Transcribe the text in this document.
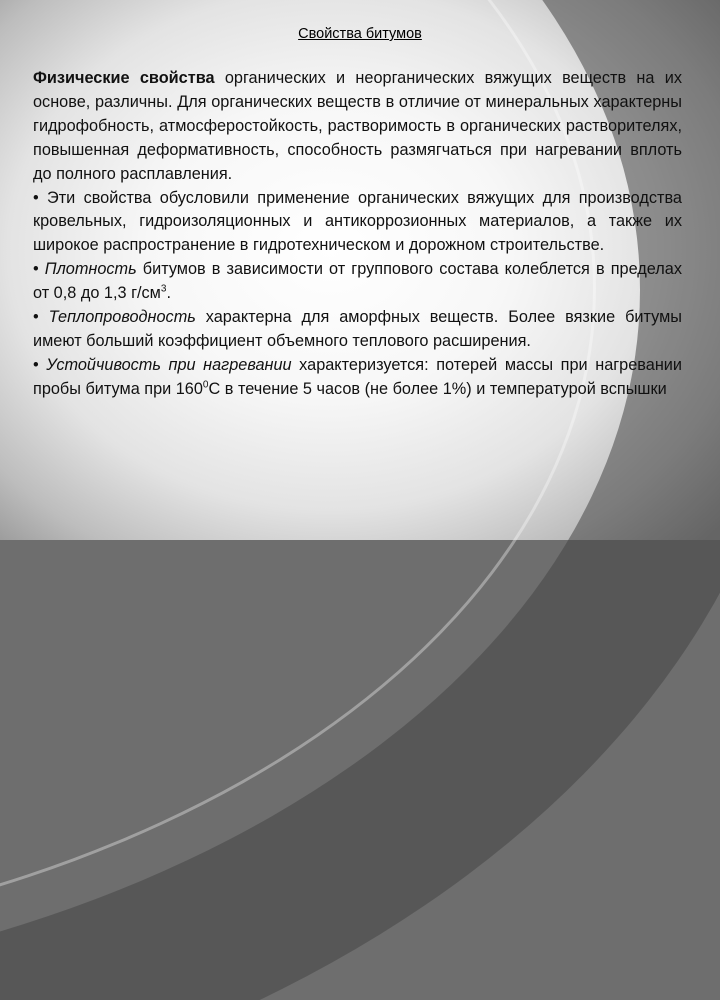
Свойства битумов

Физические свойства органических и неорганических вяжущих веществ на их основе, различны. Для органических веществ в отличие от минеральных характерны гидрофобность, атмосферостойкость, растворимость в органических растворителях, повышенная деформативность, способность размягчаться при нагревании вплоть до полного расплавления.

• Эти свойства обусловили применение органических вяжущих для производства кровельных, гидроизоляционных и антикоррозионных материалов, а также их широкое распространение в гидротехническом и дорожном строительстве.

• Плотность битумов в зависимости от группового состава колеблется в пределах от 0,8 до 1,3 $г/см^3$.

• Теплопроводность характерна для аморфных веществ. Более вязкие битумы имеют больший коэффициент объемного теплового расширения.

• Устойчивость при нагревании характеризуется: потерей массы при нагревании пробы битума при $160^0С$ в течение 5 часов (не более 1%) и температурой вспышки
